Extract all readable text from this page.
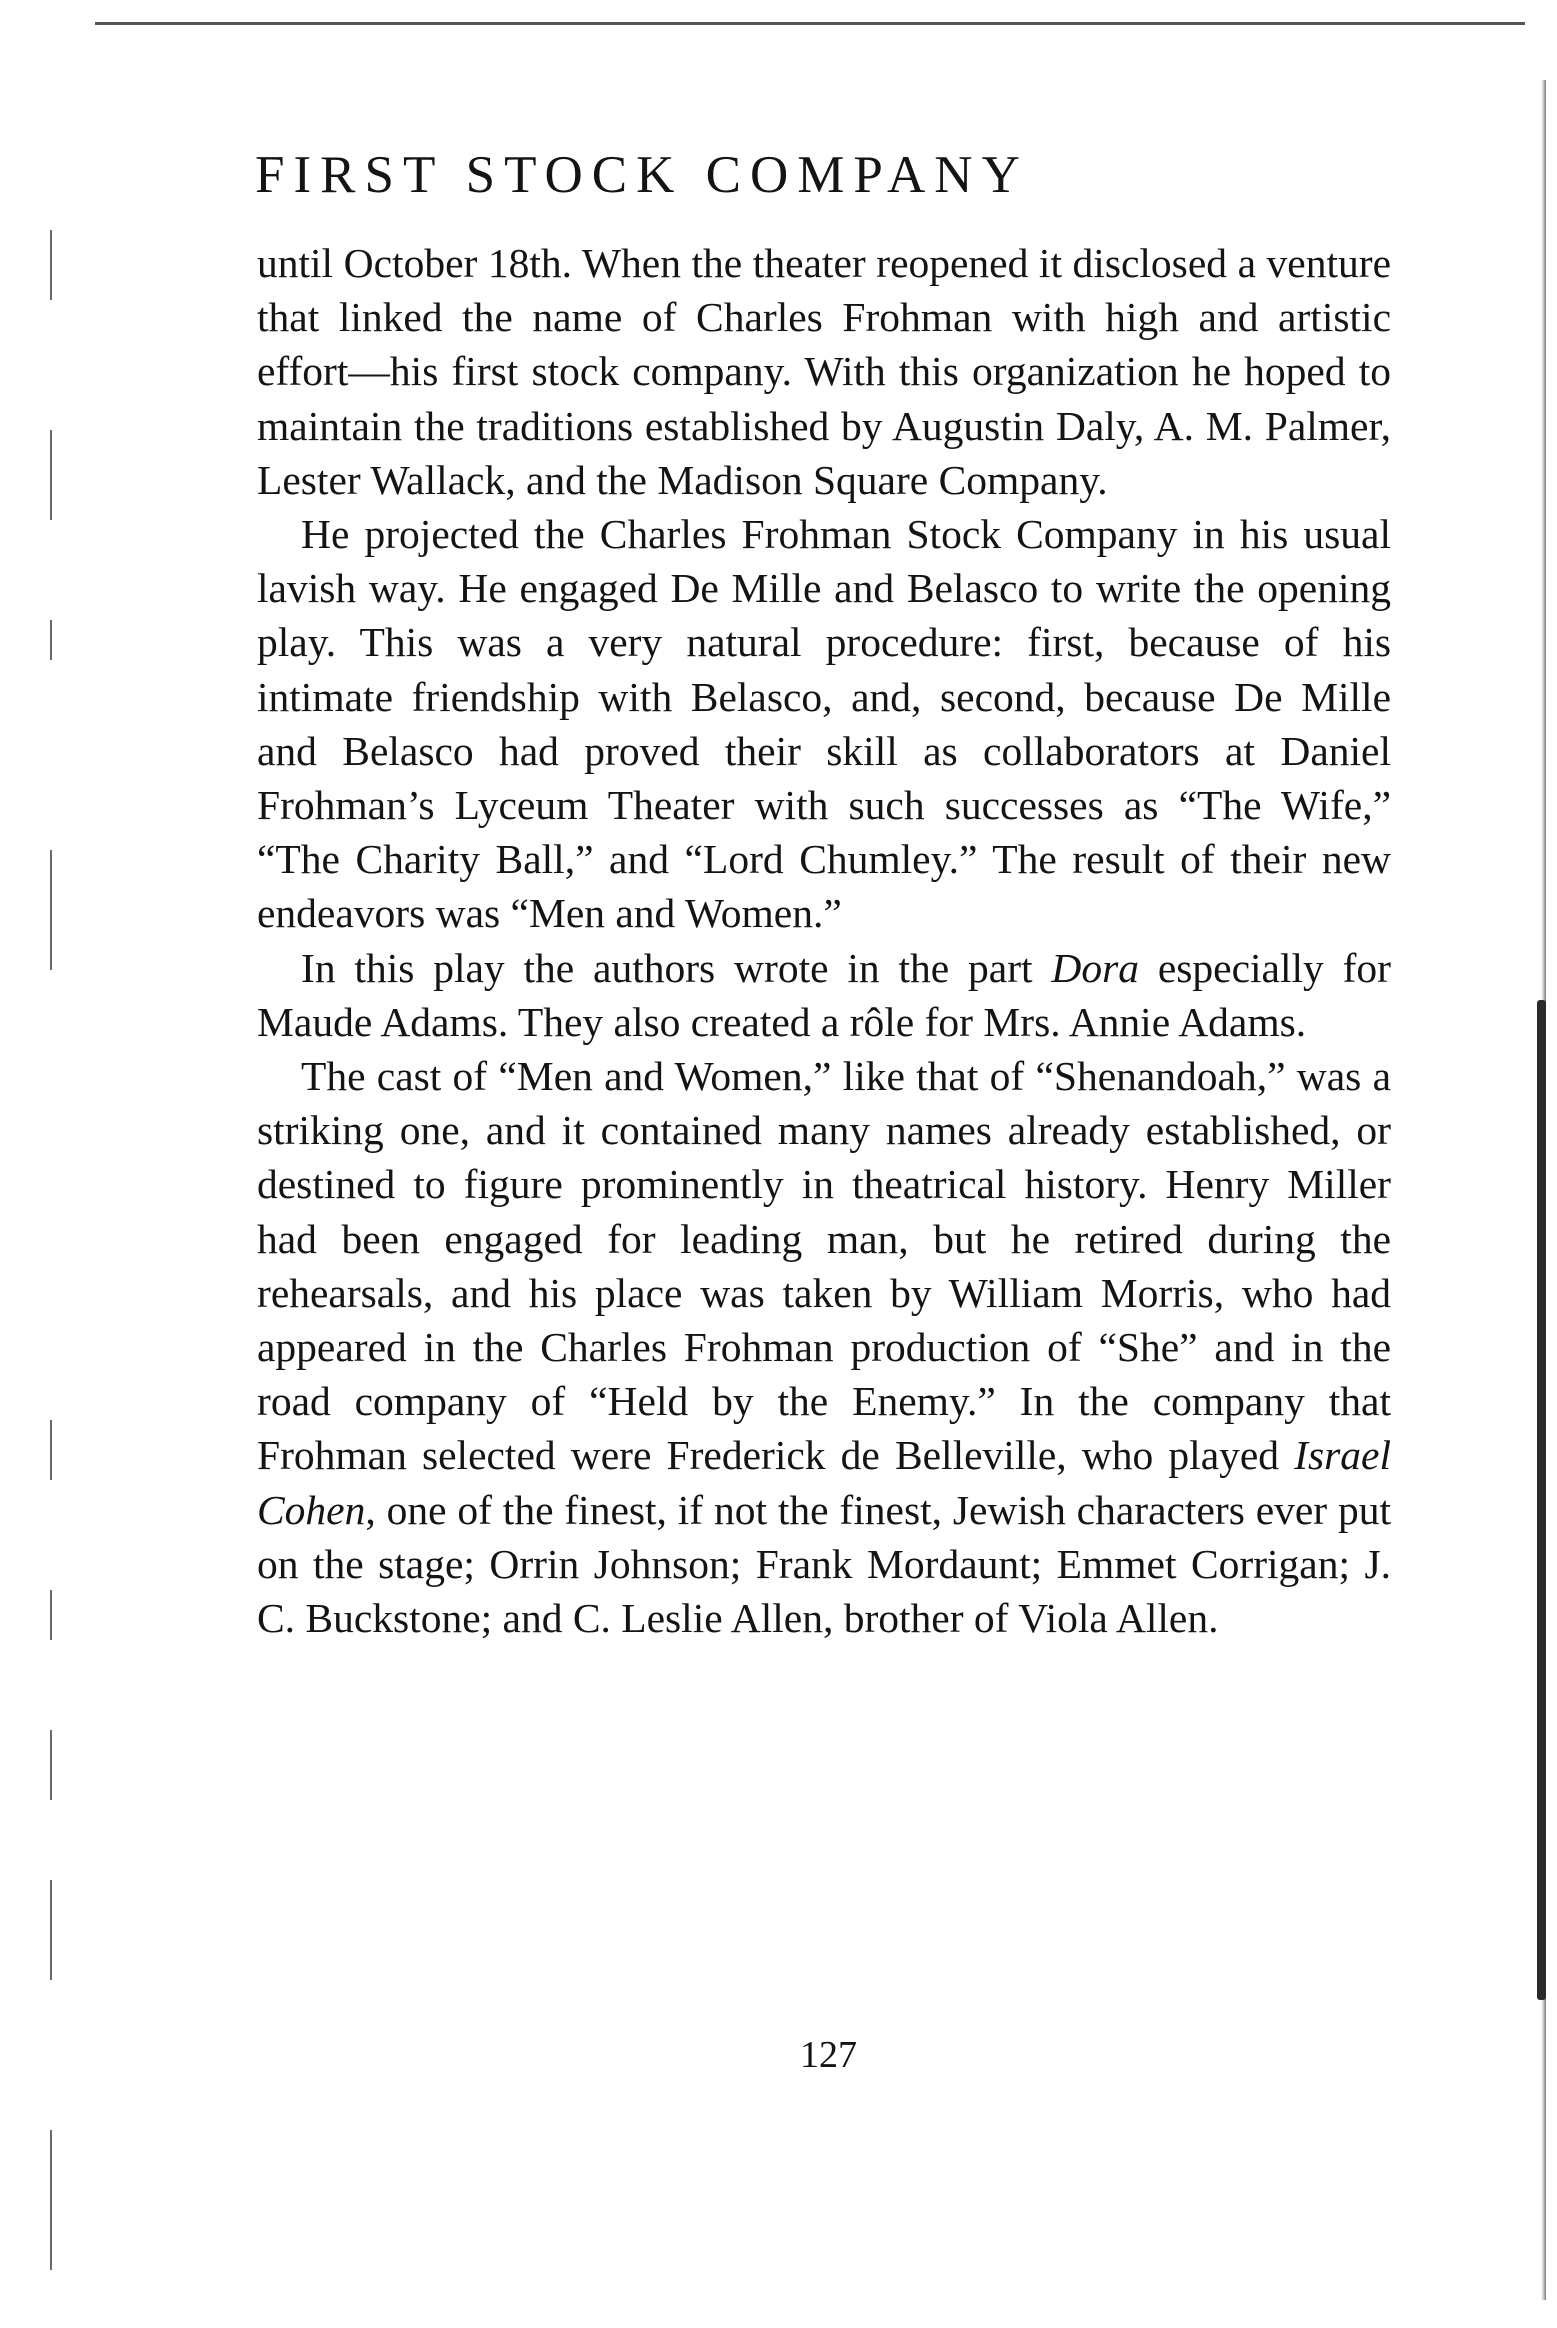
FIRST STOCK COMPANY

until October 18th. When the theater reopened it disclosed a venture that linked the name of Charles Frohman with high and artistic effort—his first stock company. With this organization he hoped to maintain the traditions established by Augustin Daly, A. M. Palmer, Lester Wallack, and the Madison Square Company.

He projected the Charles Frohman Stock Company in his usual lavish way. He engaged De Mille and Belasco to write the opening play. This was a very natural procedure: first, because of his intimate friendship with Belasco, and, second, because De Mille and Belasco had proved their skill as collaborators at Daniel Frohman’s Lyceum Theater with such successes as “The Wife,” “The Charity Ball,” and “Lord Chumley.” The result of their new endeavors was “Men and Women.”

In this play the authors wrote in the part Dora especially for Maude Adams. They also created a rôle for Mrs. Annie Adams.

The cast of “Men and Women,” like that of “Shenandoah,” was a striking one, and it contained many names already established, or destined to figure prominently in theatrical history. Henry Miller had been engaged for leading man, but he retired during the rehearsals, and his place was taken by William Morris, who had appeared in the Charles Frohman production of “She” and in the road company of “Held by the Enemy.” In the company that Frohman selected were Frederick de Belleville, who played Israel Cohen, one of the finest, if not the finest, Jewish characters ever put on the stage; Orrin Johnson; Frank Mordaunt; Emmet Corrigan; J. C. Buckstone; and C. Leslie Allen, brother of Viola Allen.

127
